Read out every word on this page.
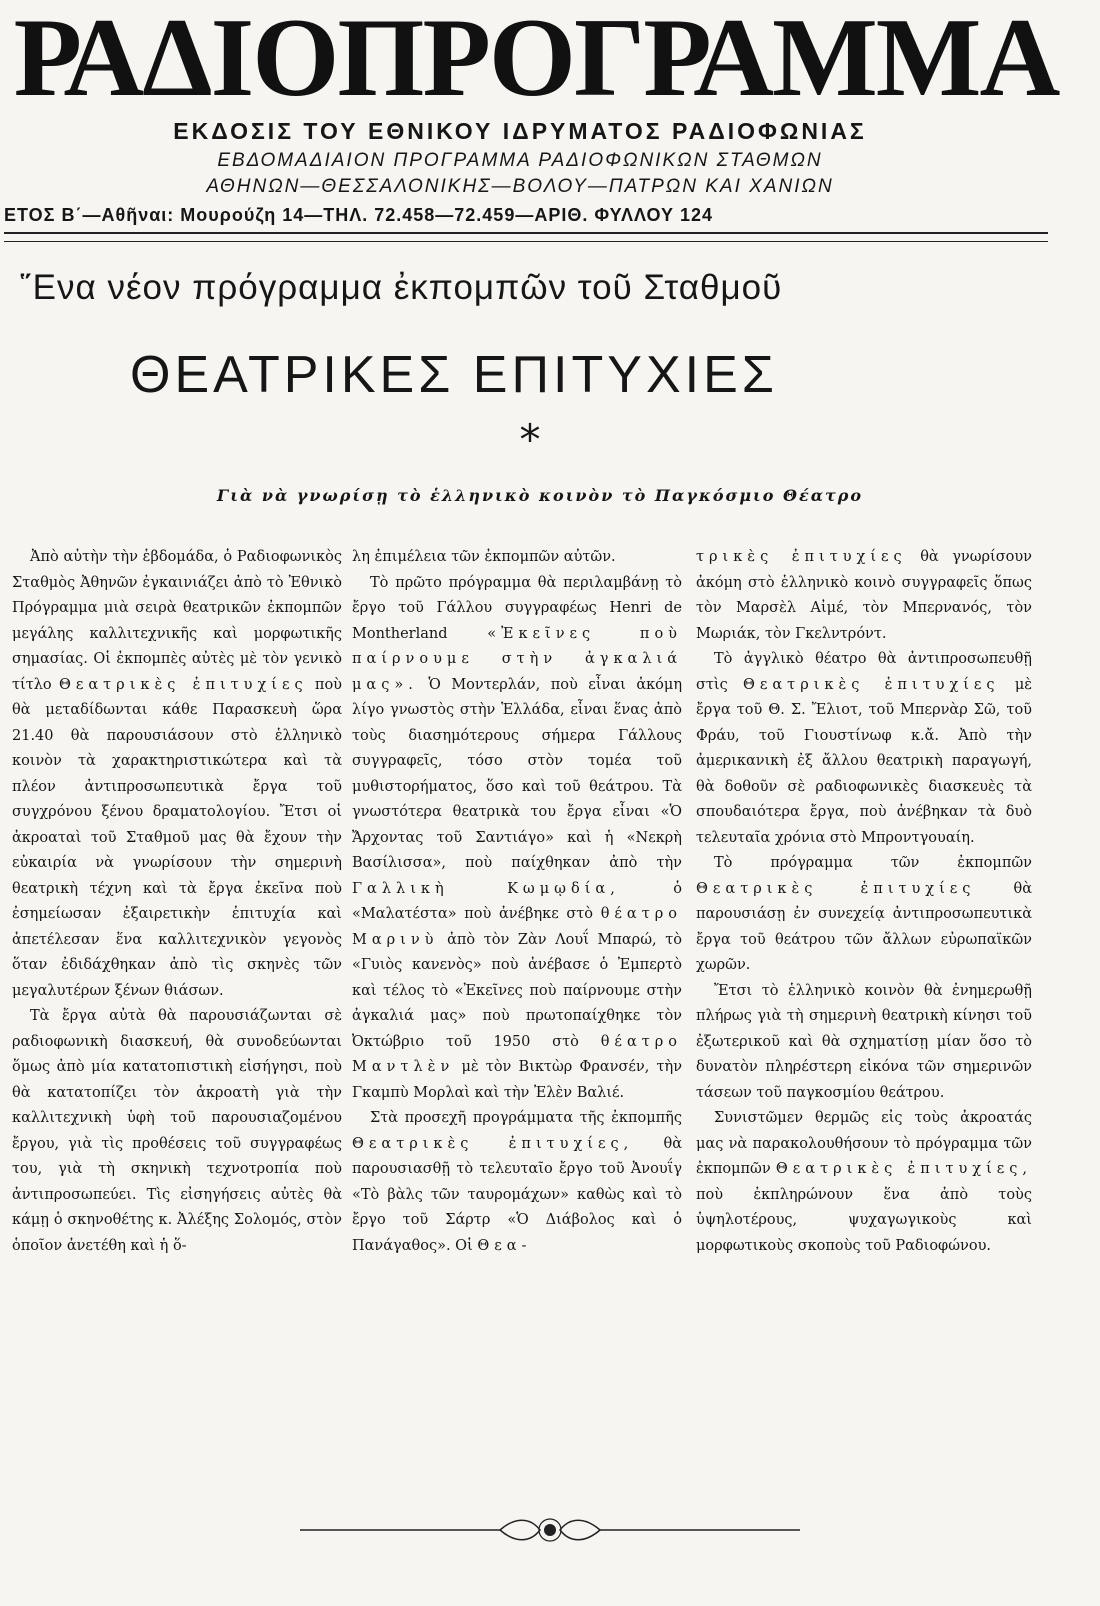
ΡΑΔΙΟΠΡΟΓΡΑΜΜΑ
ΕΚΔΟΣΙΣ ΤΟΥ ΕΘΝΙΚΟΥ ΙΔΡΥΜΑΤΟΣ ΡΑΔΙΟΦΩΝΙΑΣ
ΕΒΔΟΜΑΔΙΑΙΟΝ ΠΡΟΓΡΑΜΜΑ ΡΑΔΙΟΦΩΝΙΚΩΝ ΣΤΑΘΜΩΝ
ΑΘΗΝΩΝ—ΘΕΣΣΑΛΟΝΙΚΗΣ—ΒΟΛΟΥ—ΠΑΤΡΩΝ ΚΑΙ ΧΑΝΙΩΝ
ΕΤΟΣ Β΄—Αθῆναι: Μουρούζη 14—ΤΗΛ. 72.458—72.459—ΑΡΙΘ. ΦΥΛΛΟΥ 124
῞Ενα νέον πρόγραμμα ἐκπομπῶν τοῦ Σταθμοῦ
ΘΕΑΤΡΙΚΕΣ ΕΠΙΤΥΧΙΕΣ
*
Γιὰ νὰ γνωρίσῃ τὸ ἑλληνικὸ κοινὸν τὸ Παγκόσμιο Θέατρο

Ἀπὸ αὐτὴν τὴν ἑβδομάδα, ὁ Ραδιοφωνικὸς Σταθμὸς Ἀθηνῶν ἐγκαινιάζει ἀπὸ τὸ Ἐθνικὸ Πρόγραμμα μιὰ σειρὰ θεατρικῶν ἐκπομπῶν μεγάλης καλλιτεχνικῆς καὶ μορφωτικῆς σημασίας. Οἱ ἐκπομπὲς αὐτὲς μὲ τὸν γενικὸ τίτλο Θεατρικὲς ἐπιτυχίες ποὺ θὰ μεταδίδωνται κάθε Παρασκευὴ ὥρα 21.40 θὰ παρουσιάσουν στὸ ἑλληνικὸ κοινὸν τὰ χαρακτηριστικώτερα καὶ τὰ πλέον ἀντιπροσωπευτικὰ ἔργα τοῦ συγχρόνου ξένου δραματολογίου. Ἔτσι οἱ ἀκροαταὶ τοῦ Σταθμοῦ μας θὰ ἔχουν τὴν εὐκαιρία νὰ γνωρίσουν τὴν σημερινὴ θεατρικὴ τέχνη καὶ τὰ ἔργα ἐκεῖνα ποὺ ἐσημείωσαν ἐξαιρετικὴν ἐπιτυχία καὶ ἀπετέλεσαν ἕνα καλλιτεχνικὸν γεγονὸς ὅταν ἐδιδάχθηκαν ἀπὸ τὶς σκηνὲς τῶν μεγαλυτέρων ξένων θιάσων.

Τὰ ἔργα αὐτὰ θὰ παρουσιάζωνται σὲ ραδιοφωνικὴ διασκευή, θὰ συνοδεύωνται ὅμως ἀπὸ μία κατατοπιστικὴ εἰσήγησι, ποὺ θὰ κατατοπίζει τὸν ἀκροατὴ γιὰ τὴν καλλιτεχνικὴ ὑφὴ τοῦ παρουσιαζομένου ἔργου, γιὰ τὶς προθέσεις τοῦ συγγραφέως του, γιὰ τὴ σκηνικὴ τεχνοτροπία ποὺ ἀντιπροσωπεύει. Τὶς εἰσηγήσεις αὐτὲς θὰ κάμῃ ὁ σκηνοθέτης κ. Ἀλέξης Σολομός, στὸν ὁποῖον ἀνετέθη καὶ ἡ ὅ-

λη ἐπιμέλεια τῶν ἐκπομπῶν αὐτῶν.

Τὸ πρῶτο πρόγραμμα θὰ περιλαμβάνῃ τὸ ἔργο τοῦ Γάλλου συγγραφέως Henri de Montherland	«Ἐκεῖνες ποὺ παίρνουμε στὴν ἀγκαλιά μας». Ὁ Μοντερλάν, ποὺ εἶναι ἀκόμη λίγο γνωστὸς στὴν Ἑλλάδα, εἶναι ἕνας ἀπὸ τοὺς διασημότερους σήμερα Γάλλους συγγραφεῖς, τόσο στὸν τομέα τοῦ μυθιστορήματος, ὅσο καὶ τοῦ θεάτρου. Τὰ γνωστότερα θεατρικὰ του ἔργα εἶναι «Ὁ Ἄρχοντας τοῦ Σαντιάγο» καὶ ἡ «Νεκρὴ Βασίλισσα», ποὺ παίχθηκαν ἀπὸ τὴν Γαλλικὴ Κωμῳδία,	ὁ «Μαλατέστα» ποὺ ἀνέβηκε στὸ θέατρο Μαρινὺ ἀπὸ τὸν Ζὰν Λουΐ Μπαρώ, τὸ «Γυιὸς κανενὸς» ποὺ ἀνέβασε ὁ Ἐμπερτὸ καὶ τέλος τὸ «Ἐκεῖνες ποὺ παίρνουμε στὴν ἀγκαλιά μας» ποὺ πρωτοπαίχθηκε τὸν Ὀκτώβριο τοῦ 1950 στὸ θέατρο Μαντλὲν μὲ τὸν Βικτὼρ Φρανσέν, τὴν Γκαμπὺ Μορλαὶ καὶ τὴν Ἐλὲν Βαλιέ.

Στὰ προσεχῆ προγράμματα τῆς ἐκπομπῆς Θεατρικὲς ἐπιτυχίες, θὰ παρουσιασθῇ τὸ τελευταῖο ἔργο τοῦ Ἀνουΐγ «Τὸ βὰλς τῶν ταυρομάχων» καθὼς καὶ τὸ ἔργο τοῦ Σάρτρ «Ὁ Διάβολος καὶ ὁ Πανάγαθος». Οἱ Θεα-

τρικὲς ἐπιτυχίες θὰ γνωρίσουν ἀκόμη στὸ ἑλληνικὸ κοινὸ συγγραφεῖς ὅπως τὸν Μαρσὲλ Αἰμέ, τὸν Μπερνανός, τὸν Μωριάκ, τὸν Γκελντρόντ.

Τὸ ἀγγλικὸ θέατρο θὰ ἀντιπροσωπευθῇ στὶς Θεατρικὲς ἐπιτυχίες μὲ ἔργα τοῦ Θ. Σ. Ἔλιοτ, τοῦ Μπερνὰρ Σῶ, τοῦ Φράυ, τοῦ Γιουστίνωφ κ.ἄ. Ἀπὸ τὴν ἀμερικανικὴ ἐξ ἄλλου θεατρικὴ παραγωγή, θὰ δοθοῦν σὲ ραδιοφωνικὲς διασκευὲς τὰ σπουδαιότερα ἔργα, ποὺ ἀνέβηκαν τὰ δυὸ τελευταῖα χρόνια στὸ Μπροντγουαίη.

Τὸ πρόγραμμα τῶν ἐκπομπῶν Θεατρικὲς ἐπιτυχίες	θὰ παρουσιάσῃ ἐν συνεχείᾳ ἀντιπροσωπευτικὰ ἔργα τοῦ θεάτρου τῶν ἄλλων εὐρωπαϊκῶν χωρῶν.

Ἔτσι τὸ ἑλληνικὸ κοινὸν θὰ ἐνημερωθῇ πλήρως γιὰ τὴ σημερινὴ θεατρικὴ κίνησι τοῦ ἐξωτερικοῦ καὶ θὰ σχηματίσῃ μίαν ὅσο τὸ δυνατὸν πληρέστερη εἰκόνα τῶν σημερινῶν τάσεων τοῦ παγκοσμίου θεάτρου.

Συνιστῶμεν θερμῶς εἰς τοὺς ἀκροατάς μας νὰ παρακολουθήσουν τὸ πρόγραμμα τῶν ἐκπομπῶν Θεατρικὲς ἐπιτυχίες, ποὺ ἐκπληρώνουν ἕνα ἀπὸ τοὺς ὑψηλοτέρους, ψυχαγωγικοὺς καὶ μορφωτικοὺς σκοποὺς τοῦ Ραδιοφώνου.
